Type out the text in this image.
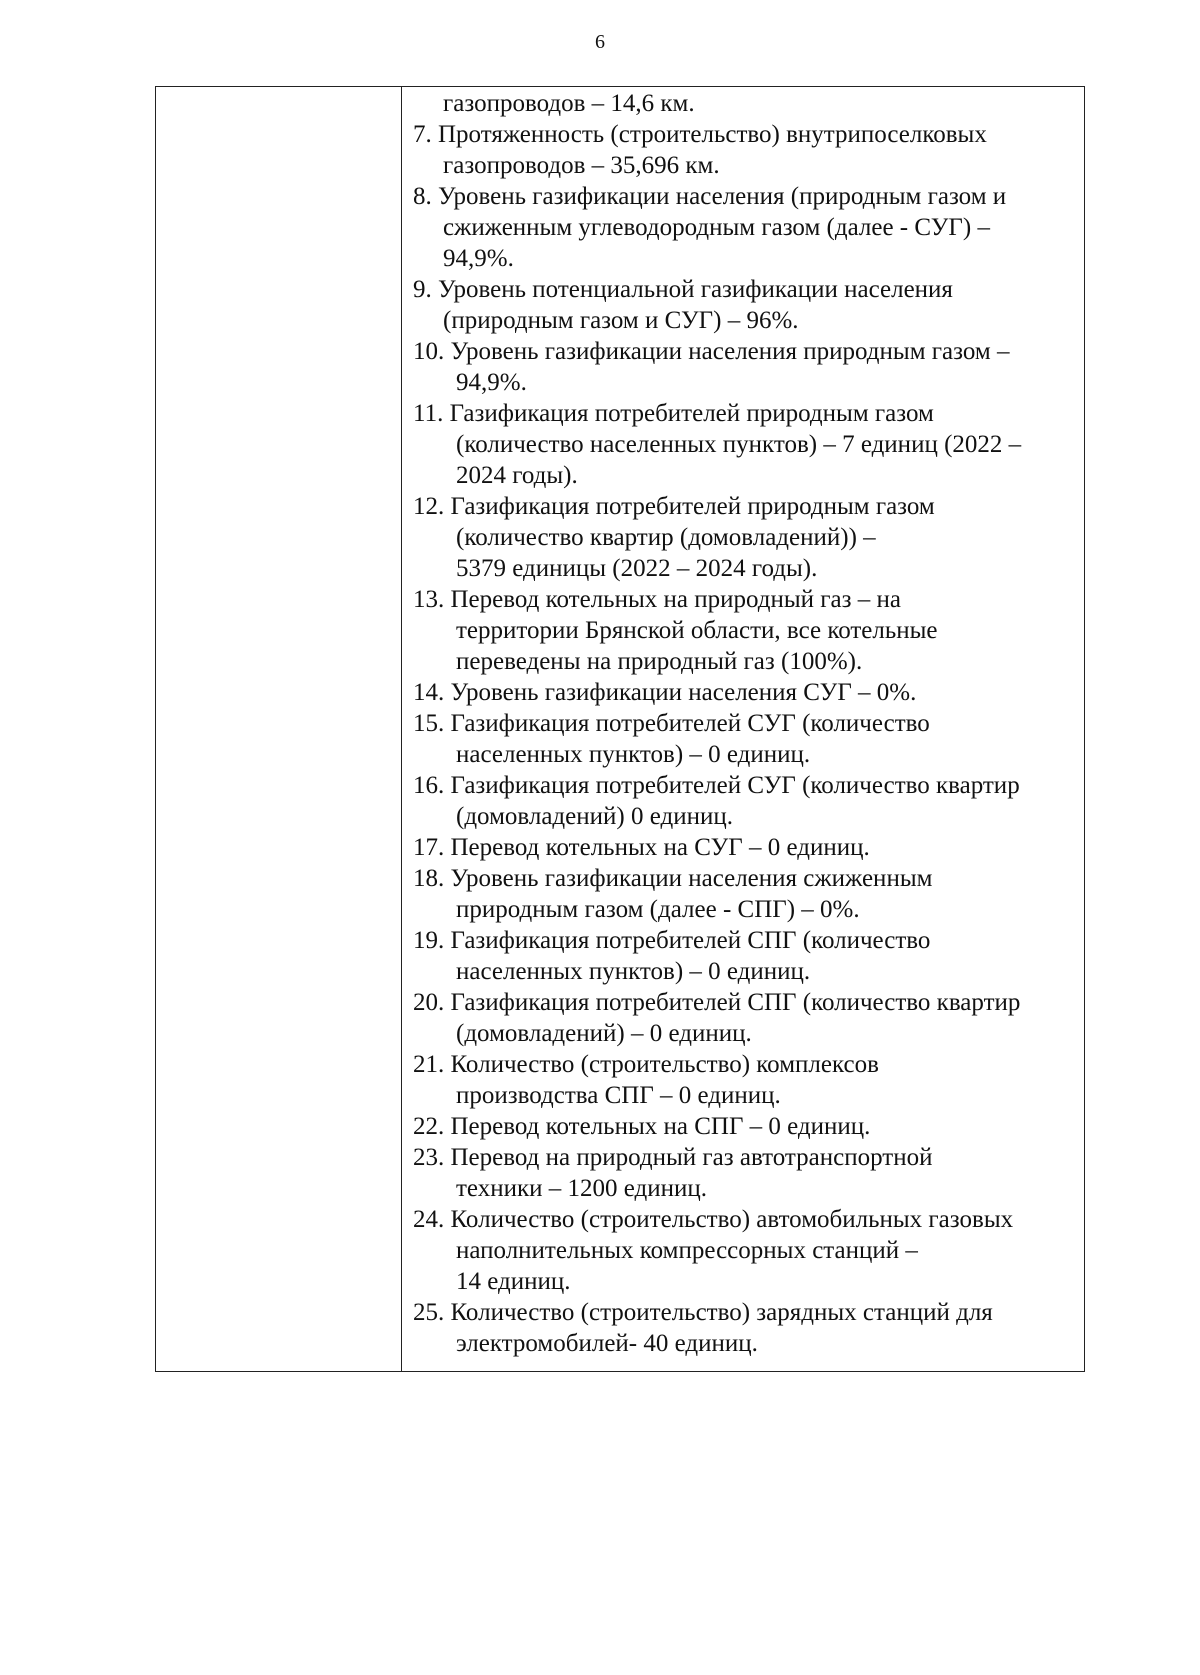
6
газопроводов – 14,6 км.
7. Протяженность (строительство) внутрипоселковых
газопроводов – 35,696 км.
8. Уровень газификации населения (природным газом и
сжиженным углеводородным газом (далее - СУГ) –
94,9%.
9. Уровень потенциальной газификации населения
(природным газом и СУГ) – 96%.
10. Уровень газификации населения природным газом –
94,9%.
11. Газификация потребителей природным газом
(количество населенных пунктов) – 7 единиц (2022 –
2024 годы).
12. Газификация потребителей природным газом
(количество квартир (домовладений)) –
5379 единицы (2022 – 2024 годы).
13. Перевод котельных на природный газ – на
территории Брянской области, все котельные
переведены на природный газ (100%).
14. Уровень газификации населения СУГ – 0%.
15. Газификация потребителей СУГ (количество
населенных пунктов) – 0 единиц.
16. Газификация потребителей СУГ (количество квартир
(домовладений) 0 единиц.
17. Перевод котельных на СУГ – 0 единиц.
18. Уровень газификации населения сжиженным
природным газом (далее - СПГ) – 0%.
19. Газификация потребителей СПГ (количество
населенных пунктов) – 0 единиц.
20. Газификация потребителей СПГ (количество квартир
(домовладений) – 0 единиц.
21. Количество (строительство) комплексов
производства СПГ – 0 единиц.
22. Перевод котельных на СПГ – 0 единиц.
23. Перевод на природный газ автотранспортной
техники – 1200 единиц.
24. Количество (строительство) автомобильных газовых
наполнительных компрессорных станций –
14 единиц.
25. Количество (строительство) зарядных станций для
электромобилей- 40 единиц.
